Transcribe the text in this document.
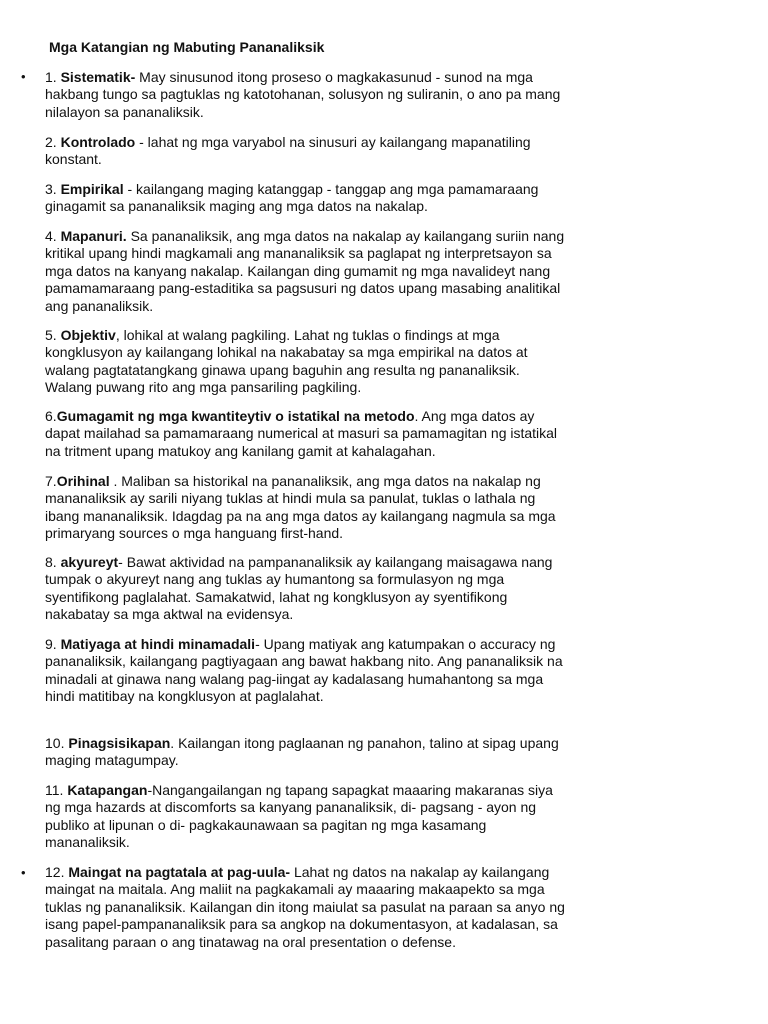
Mga Katangian ng Mabuting Pananaliksik
• 1. Sistematik- May sinusunod itong proseso o magkakasunud - sunod na mga hakbang tungo sa pagtuklas ng katotohanan, solusyon ng suliranin, o ano pa mang nilalayon sa pananaliksik.
2. Kontrolado - lahat ng mga varyabol na sinusuri ay kailangang mapanatiling konstant.
3. Empirikal - kailangang maging katanggap - tanggap ang mga pamamaraang ginagamit sa pananaliksik maging ang mga datos na nakalap.
4. Mapanuri. Sa pananaliksik, ang mga datos na nakalap ay kailangang suriin nang kritikal upang hindi magkamali ang mananaliksik sa paglapat ng interpretsayon sa mga datos na kanyang nakalap. Kailangan ding gumamit ng mga navalideyt nang pamamamaraang pang-estaditika sa pagsusuri ng datos upang masabing analitikal ang pananaliksik.
5. Objektiv, lohikal at walang pagkiling. Lahat ng tuklas o findings at mga kongklusyon ay kailangang lohikal na nakabatay sa mga empirikal na datos at walang pagtatatangkang ginawa upang baguhin ang resulta ng pananaliksik. Walang puwang rito ang mga pansariling pagkiling.
6.Gumagamit ng mga kwantiteytiv o istatikal na metodo. Ang mga datos ay dapat mailahad sa pamamaraang numerical at masuri sa pamamagitan ng istatikal na tritment upang matukoy ang kanilang gamit at kahalagahan.
7.Orihinal . Maliban sa historikal na pananaliksik, ang mga datos na nakalap ng mananaliksik ay sarili niyang tuklas at hindi mula sa panulat, tuklas o lathala ng ibang mananaliksik. Idagdag pa na ang mga datos ay kailangang nagmula sa mga primaryang sources o mga hanguang first-hand.
8. akyureyt- Bawat aktividad na pampananaliksik ay kailangang maisagawa nang tumpak o akyureyt nang ang tuklas ay humantong sa formulasyon ng mga syentifikong paglalahat. Samakatwid, lahat ng kongklusyon ay syentifikong nakabatay sa mga aktwal na evidensya.
9. Matiyaga at hindi minamadali- Upang matiyak ang katumpakan o accuracy ng pananaliksik, kailangang pagtiyagaan ang bawat hakbang nito. Ang pananaliksik na minadali at ginawa nang walang pag-iingat ay kadalasang humahantong sa mga hindi matitibay na kongklusyon at paglalahat.
10. Pinagsisikapan. Kailangan itong paglaanan ng panahon, talino at sipag upang maging matagumpay.
11. Katapangan-Nangangailangan ng tapang sapagkat maaaring makaranas siya ng mga hazards at discomforts sa kanyang pananaliksik, di- pagsang - ayon ng publiko at lipunan o di- pagkakaunawaan sa pagitan ng mga kasamang mananaliksik.
• 12. Maingat na pagtatala at pag-uula- Lahat ng datos na nakalap ay kailangang maingat na maitala. Ang maliit na pagkakamali ay maaaring makaapekto sa mga tuklas ng pananaliksik. Kailangan din itong maiulat sa pasulat na paraan sa anyo ng isang papel-pampananaliksik para sa angkop na dokumentasyon, at kadalasan, sa pasalitang paraan o ang tinatawag na oral presentation o defense.
